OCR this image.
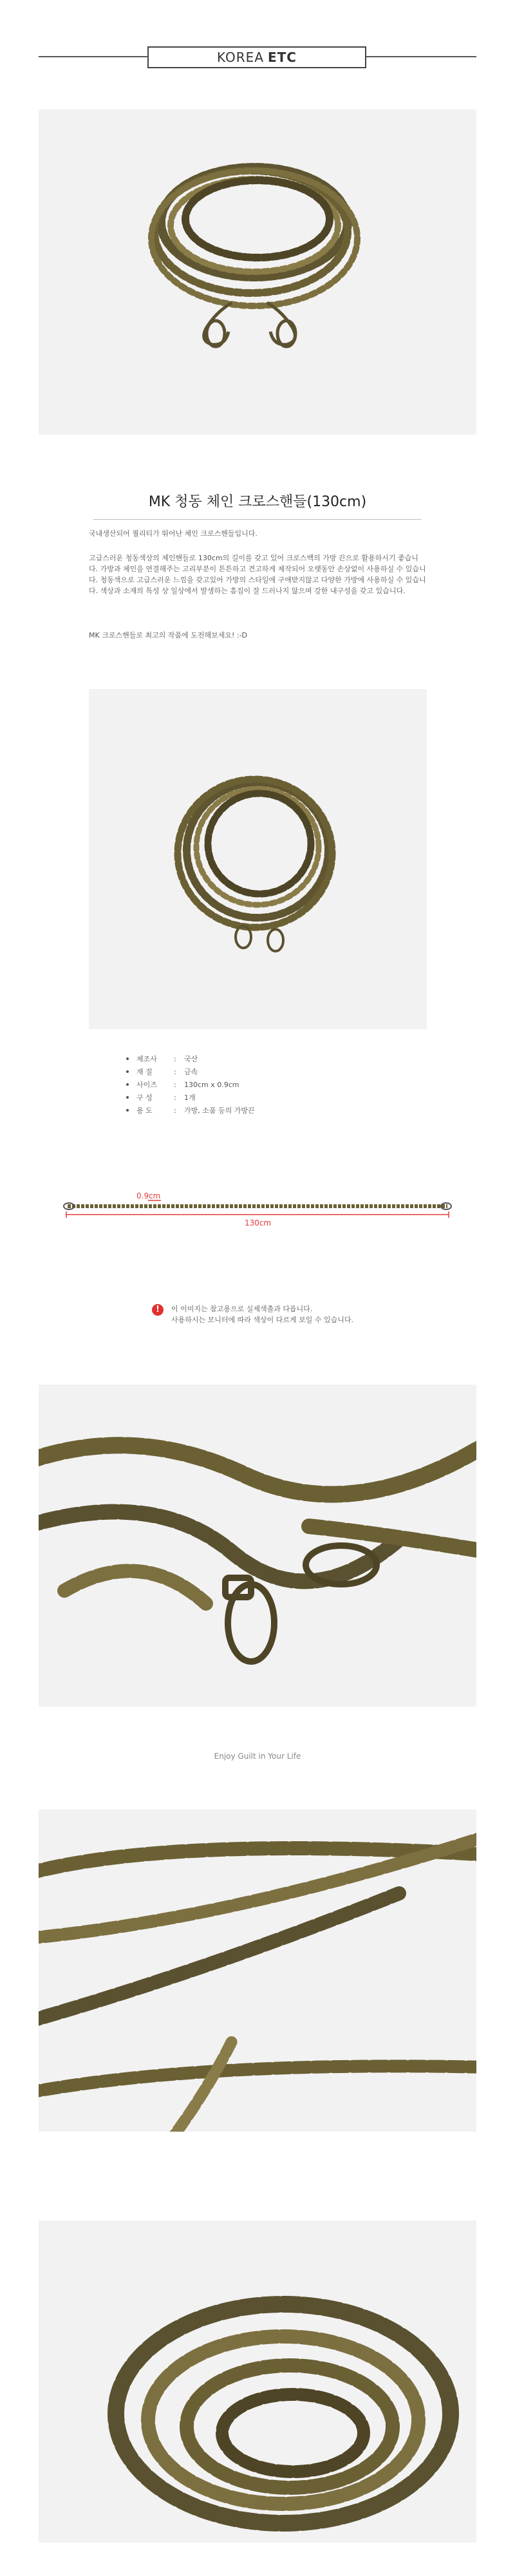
KOREA ETC
MK 청동 체인 크로스핸들(130cm)

국내생산되어 퀄리티가 뛰어난 체인 크로스핸들입니다.

고급스러운 청동색상의 체인핸들로 130cm의 길이를 갖고 있어 크로스백의 가방 끈으로 활용하시기 좋습니다. 가방과 체인을 연결해주는 고리부분이 튼튼하고 견고하게 제작되어 오랫동안 손상없이 사용하실 수 있습니다. 청동색으로 고급스러운 느낌을 갖고있어 가방의 스타일에 구애받지않고 다양한 가방에 사용하실 수 있습니다. 색상과 소재의 특성 상 일상에서 발생하는 흠집이 잘 드러나지 않으며 강한 내구성을 갖고 있습니다.

MK 크로스핸들로 최고의 작품에 도전해보세요! :-D

제조사	:	국산
재 질	:	금속
사이즈	:	130cm x 0.9cm
구 성	:	1개
용 도	:	가방, 소품 등의 가방끈
0.9cm
130cm
!	이 이미지는 참고용으로 실제색출과 다릅니다.
사용하시는 모니터에 따라 색상이 다르게 보일 수 있습니다.
Enjoy Guilt in Your Life
